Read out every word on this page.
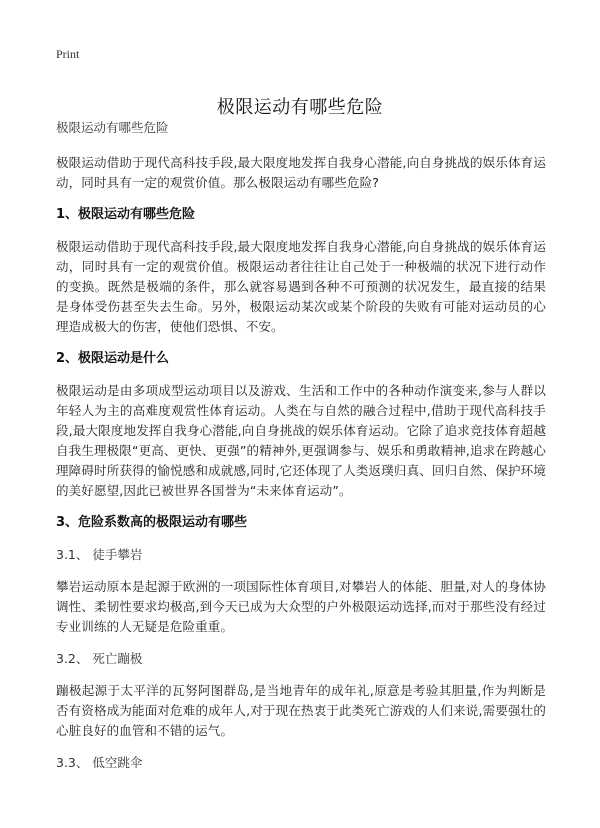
Print
极限运动有哪些危险
极限运动有哪些危险

极限运动借助于现代高科技手段,最大限度地发挥自我身心潜能,向自身挑战的娱乐体育运动，同时具有一定的观赏价值。那么极限运动有哪些危险?

1、极限运动有哪些危险

极限运动借助于现代高科技手段,最大限度地发挥自我身心潜能,向自身挑战的娱乐体育运动，同时具有一定的观赏价值。极限运动者往往让自己处于一种极端的状况下进行动作的变换。既然是极端的条件，那么就容易遇到各种不可预测的状况发生，最直接的结果是身体受伤甚至失去生命。另外，极限运动某次或某个阶段的失败有可能对运动员的心理造成极大的伤害，使他们恐惧、不安。

2、极限运动是什么

极限运动是由多项成型运动项目以及游戏、生活和工作中的各种动作演变来,参与人群以年轻人为主的高难度观赏性体育运动。人类在与自然的融合过程中,借助于现代高科技手段,最大限度地发挥自我身心潜能,向自身挑战的娱乐体育运动。它除了追求竞技体育超越自我生理极限“更高、更快、更强”的精神外,更强调参与、娱乐和勇敢精神,追求在跨越心理障碍时所获得的愉悦感和成就感,同时,它还体现了人类返璞归真、回归自然、保护环境的美好愿望,因此已被世界各国誉为“未来体育运动”。

3、危险系数高的极限运动有哪些
3.1、 徒手攀岩

攀岩运动原本是起源于欧洲的一项国际性体育项目,对攀岩人的体能、胆量,对人的身体协调性、柔韧性要求均极高,到今天已成为大众型的户外极限运动选择,而对于那些没有经过专业训练的人无疑是危险重重。

3.2、 死亡蹦极

蹦极起源于太平洋的瓦努阿图群岛,是当地青年的成年礼,原意是考验其胆量,作为判断是否有资格成为能面对危难的成年人,对于现在热衷于此类死亡游戏的人们来说,需要强壮的心脏良好的血管和不错的运气。

3.3、 低空跳伞
